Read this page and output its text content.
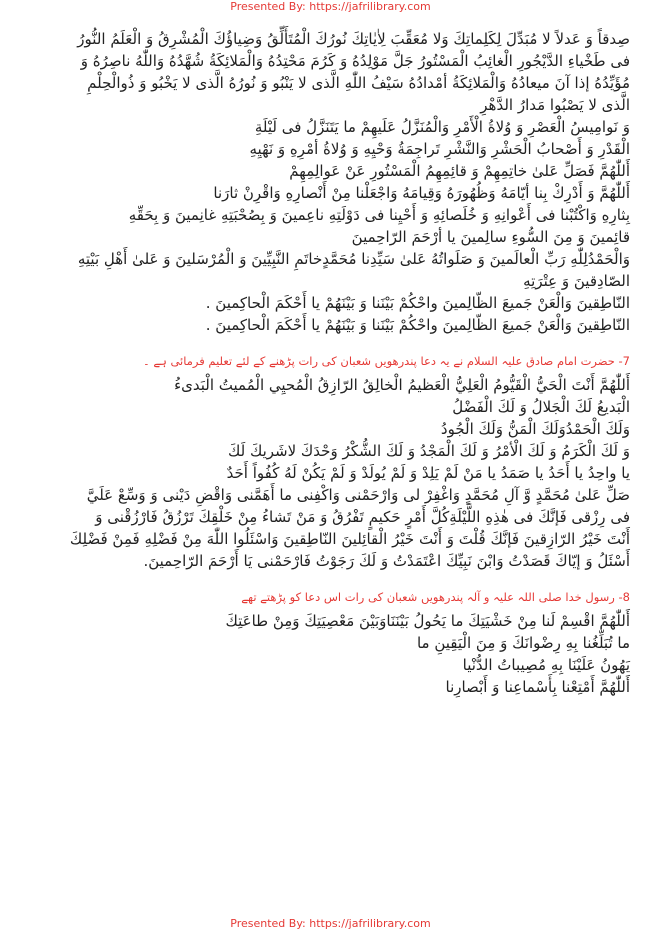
Presented By: https://jafrilibrary.com

صِدقاً وَ عَدلاً لا مُبَدِّلَ لِكَلِماتِكَ وَلا مُعَقِّبَ لِاٰيٰاتِكَ نُورُكَ الْمُتَأَلِّقُ وَضِياؤُكَ الْمُشْرِقُ وَ الْعَلَمُ النُّورُ

فی طَخْياءِ الدَّيْجُورِ الْغائِبُ الْمَسْتُورُ جَلَّ مَوْلِدُهُ وَ كَرُمَ مَحْتِدُهُ وَالْمَلائِكَةُ شُهَّدُهُ وَاللّٰهُ ناصِرُهُ وَ

مُؤَيِّدُهُ إذا آنَ ميعادُهُ وَالْمَلائِكَةُ أمْدادُهُ سَيْفُ اللّٰهِ الَّذی لا يَنْبُو وَ نُورُهُ الَّذی لا يَخْبُو وَ ذُوالْحِلْمِ

الَّذی لا يَصْبُوا مَدارُ الدَّهْرِ

وَ نَوامِيسُ الْعَصْرِ وَ وُلاةُ الْأَمْرِ وَالْمُنَزَّلُ عَلَيهِمْ ما يَتَنَزَّلُ فی لَيْلَةِ

الْقَدْرِ وَ أَصْحابُ الْحَشْرِ وَالنَّشْرِ تَراجِمَةُ وَحْيِهِ وَ وُلاةُ أمْرِهِ وَ نَهْيِهِ

أَللّٰهُمَّ فَصَلِّ عَلیٰ خاتِمِهِمْ وَ قائِمِهِمُ الْمَسْتُورِ عَنْ عَوالِمِهِمْ

أَللّٰهُمَّ وَ أَدْرِكْ بِنا أيّامَهُ وَظُهُورَهُ وَقِيامَهُ وَاجْعَلْنا مِنْ أَنْصارِهِ وَاقْرِنْ ثارَنا

بِثارِهِ وَاكْتُبْنا فی أَعْوانِهِ وَ خُلَصائِهِ وَ أَحْيِنا فی دَوْلَتِهِ ناعِمينَ وَ بِصُحْبَتِهِ غانِمينَ وَ بِحَقِّهِ

قائِمينَ وَ مِنَ السُّوءِ سالِمينَ يا أرْحَمَ الرّاحِمينَ

وَالْحَمْدُلِلّٰهِ رَبِّ الْعالَمينَ وَ صَلَواتُهُ عَلیٰ سَيِّدِنا مُحَمَّدٍخاتَمِ النَّبِيِّينَ وَ الْمُرْسَلينَ وَ عَلیٰ أَهْلِ بَيْتِهِ

الصّادِقينَ وَ عِتْرَتِهِ

النّاطِقينَ وَالْعَنْ جَميعَ الظّالِمينَ واحْكُمْ بَيْنَنا وَ بَيْنَهُمْ يا أَحْكَمَ الْحاكِمينَ .

النّاطِقينَ وَالْعَنْ جَميعَ الظّالِمينَ واحْكُمْ بَيْنَنا وَ بَيْنَهُمْ يا أَحْكَمَ الْحاكِمينَ .

7- حضرت امام صادق علیہ السلام نے یہ دعا پندرھویں شعبان کی رات پڑھنے کے لئے تعلیم فرمائی ہے ۔

أَللّٰهُمَّ أَنْتَ الْحَيُّ الْقَيُّومُ الْعَلِيُّ الْعَظيمُ الْخالِقُ الرّازِقُ الْمُحيِي الْمُمیتُ الْبَدیءُ

الْبَديعُ لَكَ الْجَلالُ وَ لَكَ الْفَضْلُ

وَلَكَ الْحَمْدُوَلَكَ الْمَنُّ وَلَكَ الْجُودُ

وَ لَكَ الْكَرَمُ وَ لَكَ الْأمْرُ وَ لَكَ الْمَجْدُ وَ لَكَ الشُّكْرُ وَحْدَكَ لاشَريكَ لَكَ

يا واحِدُ يا أَحَدُ يا صَمَدُ يا مَنْ لَمْ يَلِدْ وَ لَمْ يُولَدْ وَ لَمْ يَكُنْ لَهُ كُفُواً أَحَدٌ

صَلِّ عَلیٰ مُحَمَّدٍ وَّ آلِ مُحَمَّدٍ وَاغْفِرْ لی وَارْحَمْنی وَاكْفِنی ما أَهَمَّنی وَاقْضِ دَيْنی وَ وَسِّعْ عَلَيَّ

فی رِزْقی فَإنَّكَ فی هٰذِهِ اللَّيْلَةِكُلَّ أَمْرٍ حَكيمٍ تَفْرُقُ وَ مَنْ تَشاءُ مِنْ خَلْقِكَ تَرْزُقُ فَارْزُقْنی وَ

أَنْتَ خَيْرُ الرّازِقينَ فَإنَّكَ قُلْتَ وَ أَنْتَ خَيْرُ الْقائِلينَ النّاطِقينَ وَاسْئَلُوا اللّٰهَ مِنْ فَضْلِهِ فَمِنْ فَضْلِكَ

أَسْئَلُ وَ إيّاكَ قَصَدْتُ وَابْنَ نَبِيِّكَ اعْتَمَدْتُ وَ لَكَ رَجَوْتُ فَارْحَمْنی يَا أَرْحَمَ الرّاحِمينَ.

8- رسول خدا صلی اللہ علیہ و آلہ پندرھویں شعبان کی رات اس دعا کو پڑھتے تھے

أَللّٰهُمَّ اقْسِمْ لَنا مِنْ خَشْيَتِكَ ما يَحُولُ بَيْنَنَاوَبَيْنَ مَعْصِيَتِكَ وَمِنْ طاعَتِكَ

ما تُبَلِّغُنا بِهِ رِضْوانَكَ وَ مِنَ الْيَقِينِ ما

يَهُونُ عَلَيْنَا بِهِ مُصِيباتُ الدُّنْيا

أَللّٰهُمَّ أَمْتِعْنا بِأَسْماعِنا وَ أَبْصارِنا

Presented By: https://jafrilibrary.com
